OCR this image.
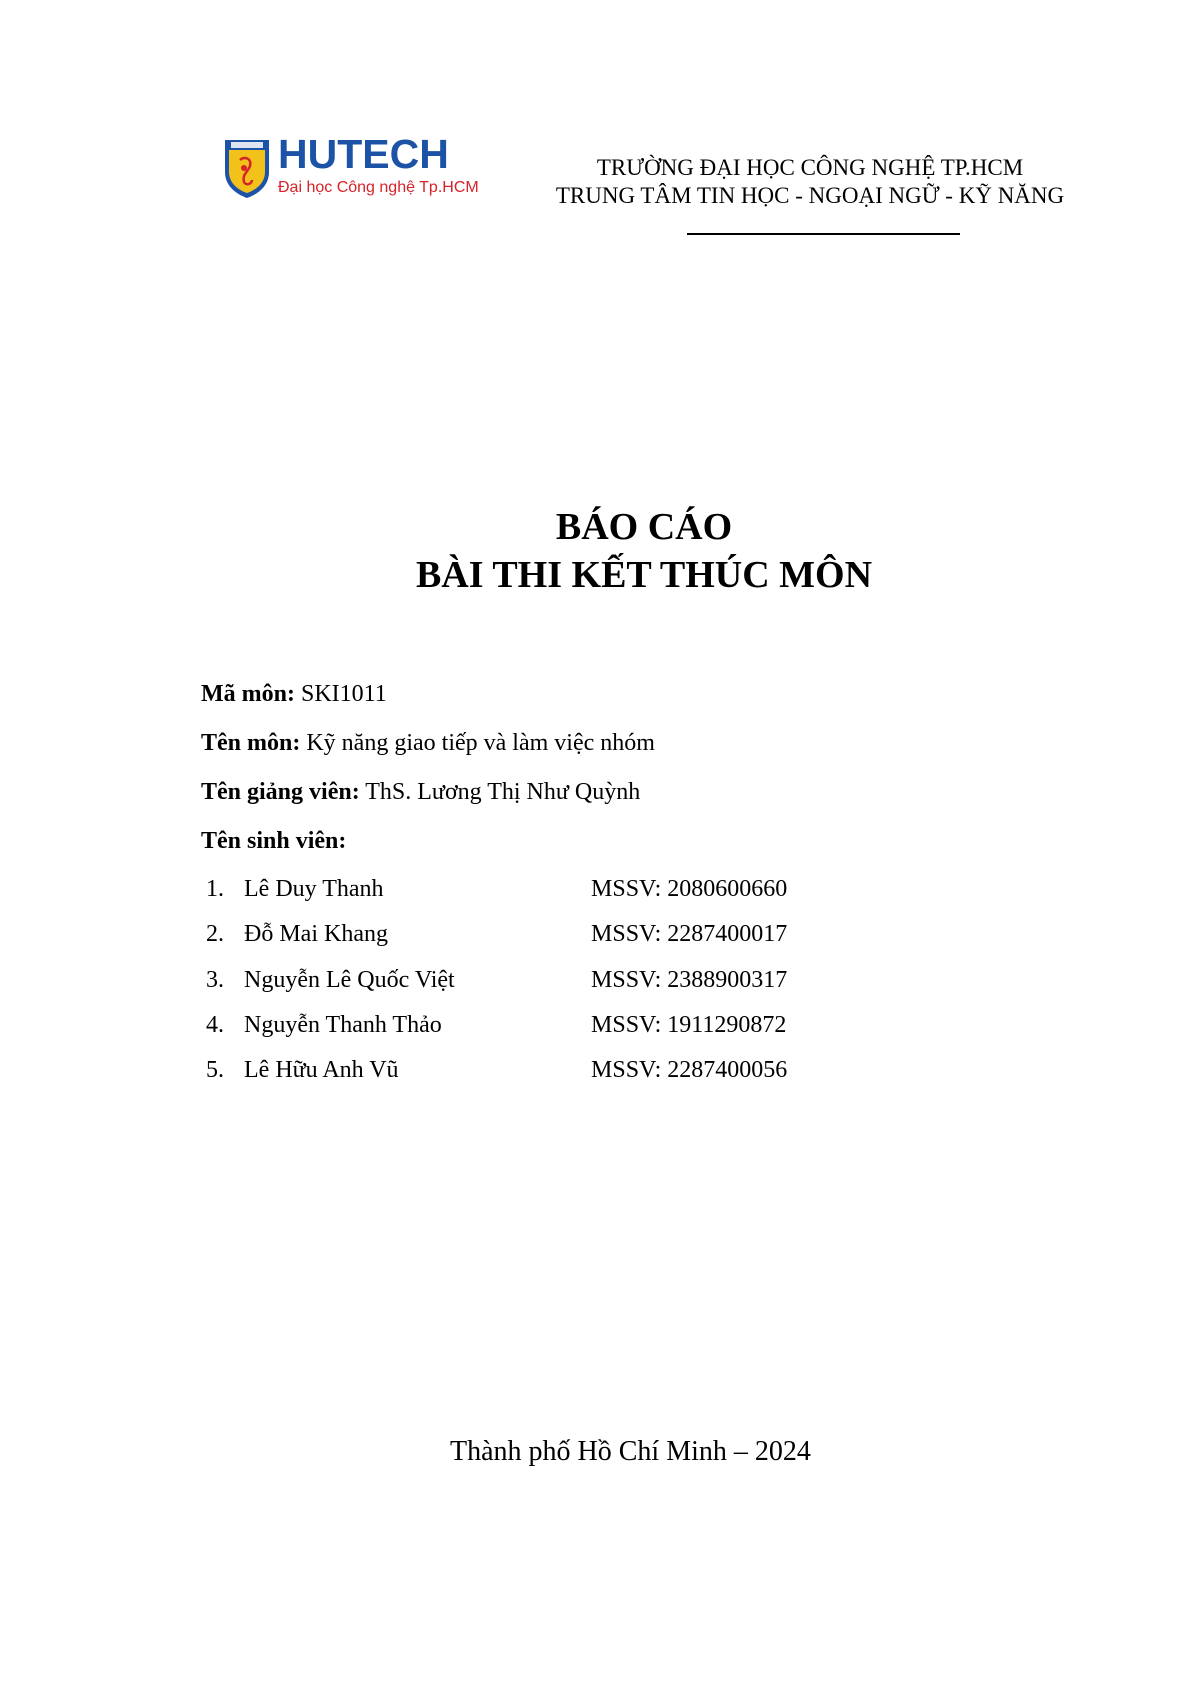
HUTECH
Đại học Công nghệ Tp.HCM
TRƯỜNG ĐẠI HỌC CÔNG NGHỆ TP.HCM
TRUNG TÂM TIN HỌC - NGOẠI NGỮ - KỸ NĂNG
BÁO CÁO
BÀI THI KẾT THÚC MÔN
Mã môn: SKI1011
Tên môn: Kỹ năng giao tiếp và làm việc nhóm
Tên giảng viên: ThS. Lương Thị Như Quỳnh
Tên sinh viên:
1. Lê Duy Thanh	MSSV: 2080600660
2. Đỗ Mai Khang	MSSV: 2287400017
3. Nguyễn Lê Quốc Việt	MSSV: 2388900317
4. Nguyễn Thanh Thảo	MSSV: 1911290872
5. Lê Hữu Anh Vũ	MSSV: 2287400056
Thành phố Hồ Chí Minh – 2024
